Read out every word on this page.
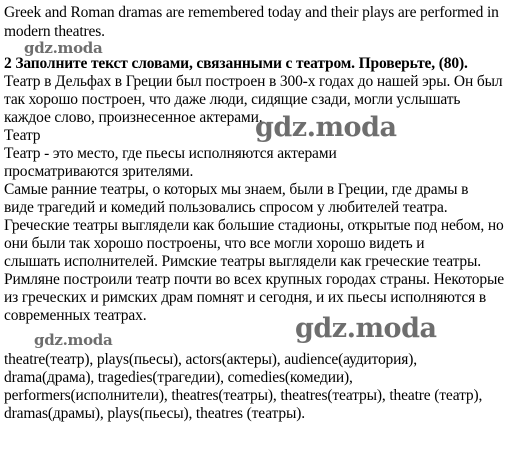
Greek and Roman dramas are remembered today and their plays are performed in
modern theatres.
gdz.moda
2 Заполните текст словами, связанными с театром. Проверьте, (80).
Театр в Дельфах в Греции был построен в 300-х годах до нашей эры. Он был
так хорошо построен, что даже люди, сидящие сзади, могли услышать
каждое слово, произнесенное актерами.
Театр
Театр - это место, где пьесы исполняются актерами
просматриваются зрителями.
Самые ранние театры, о которых мы знаем, были в Греции, где драмы в
виде трагедий и комедий пользовались спросом у любителей театра.
Греческие театры выглядели как большие стадионы, открытые под небом, но
они были так хорошо построены, что все могли хорошо видеть и
слышать исполнителей. Римские театры выглядели как греческие театры.
Римляне построили театр почти во всех крупных городах страны. Некоторые
из греческих и римских драм помнят и сегодня, и их пьесы исполняются в
современных театрах.
gdz.moda
gdz.moda	gdz.moda
theatre(театр), plays(пьесы), actors(актеры), audience(аудитория),
drama(драма), tragedies(трагедии), comedies(комедии),
performers(исполнители), theatres(театры), theatres(театры), theatre (театр),
dramas(драмы), plays(пьесы), theatres (театры).
